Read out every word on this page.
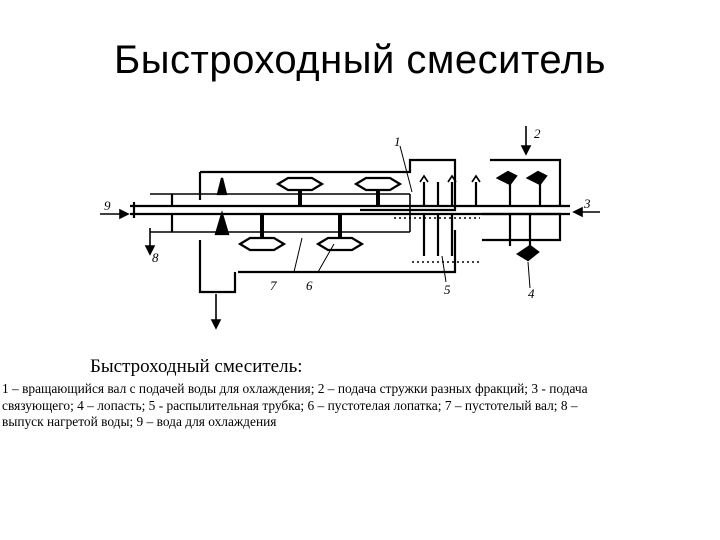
Быстроходный смеситель
1
2
3
4
5
6
7
8
9
Быстроходный смеситель:
1 – вращающийся вал с подачей воды для охлаждения; 2 – подача стружки разных фракций; 3 - подача
связующего; 4 – лопасть; 5 - распылительная трубка; 6 – пустотелая лопатка; 7 – пустотелый вал; 8 –
выпуск нагретой воды; 9 – вода для охлаждения
